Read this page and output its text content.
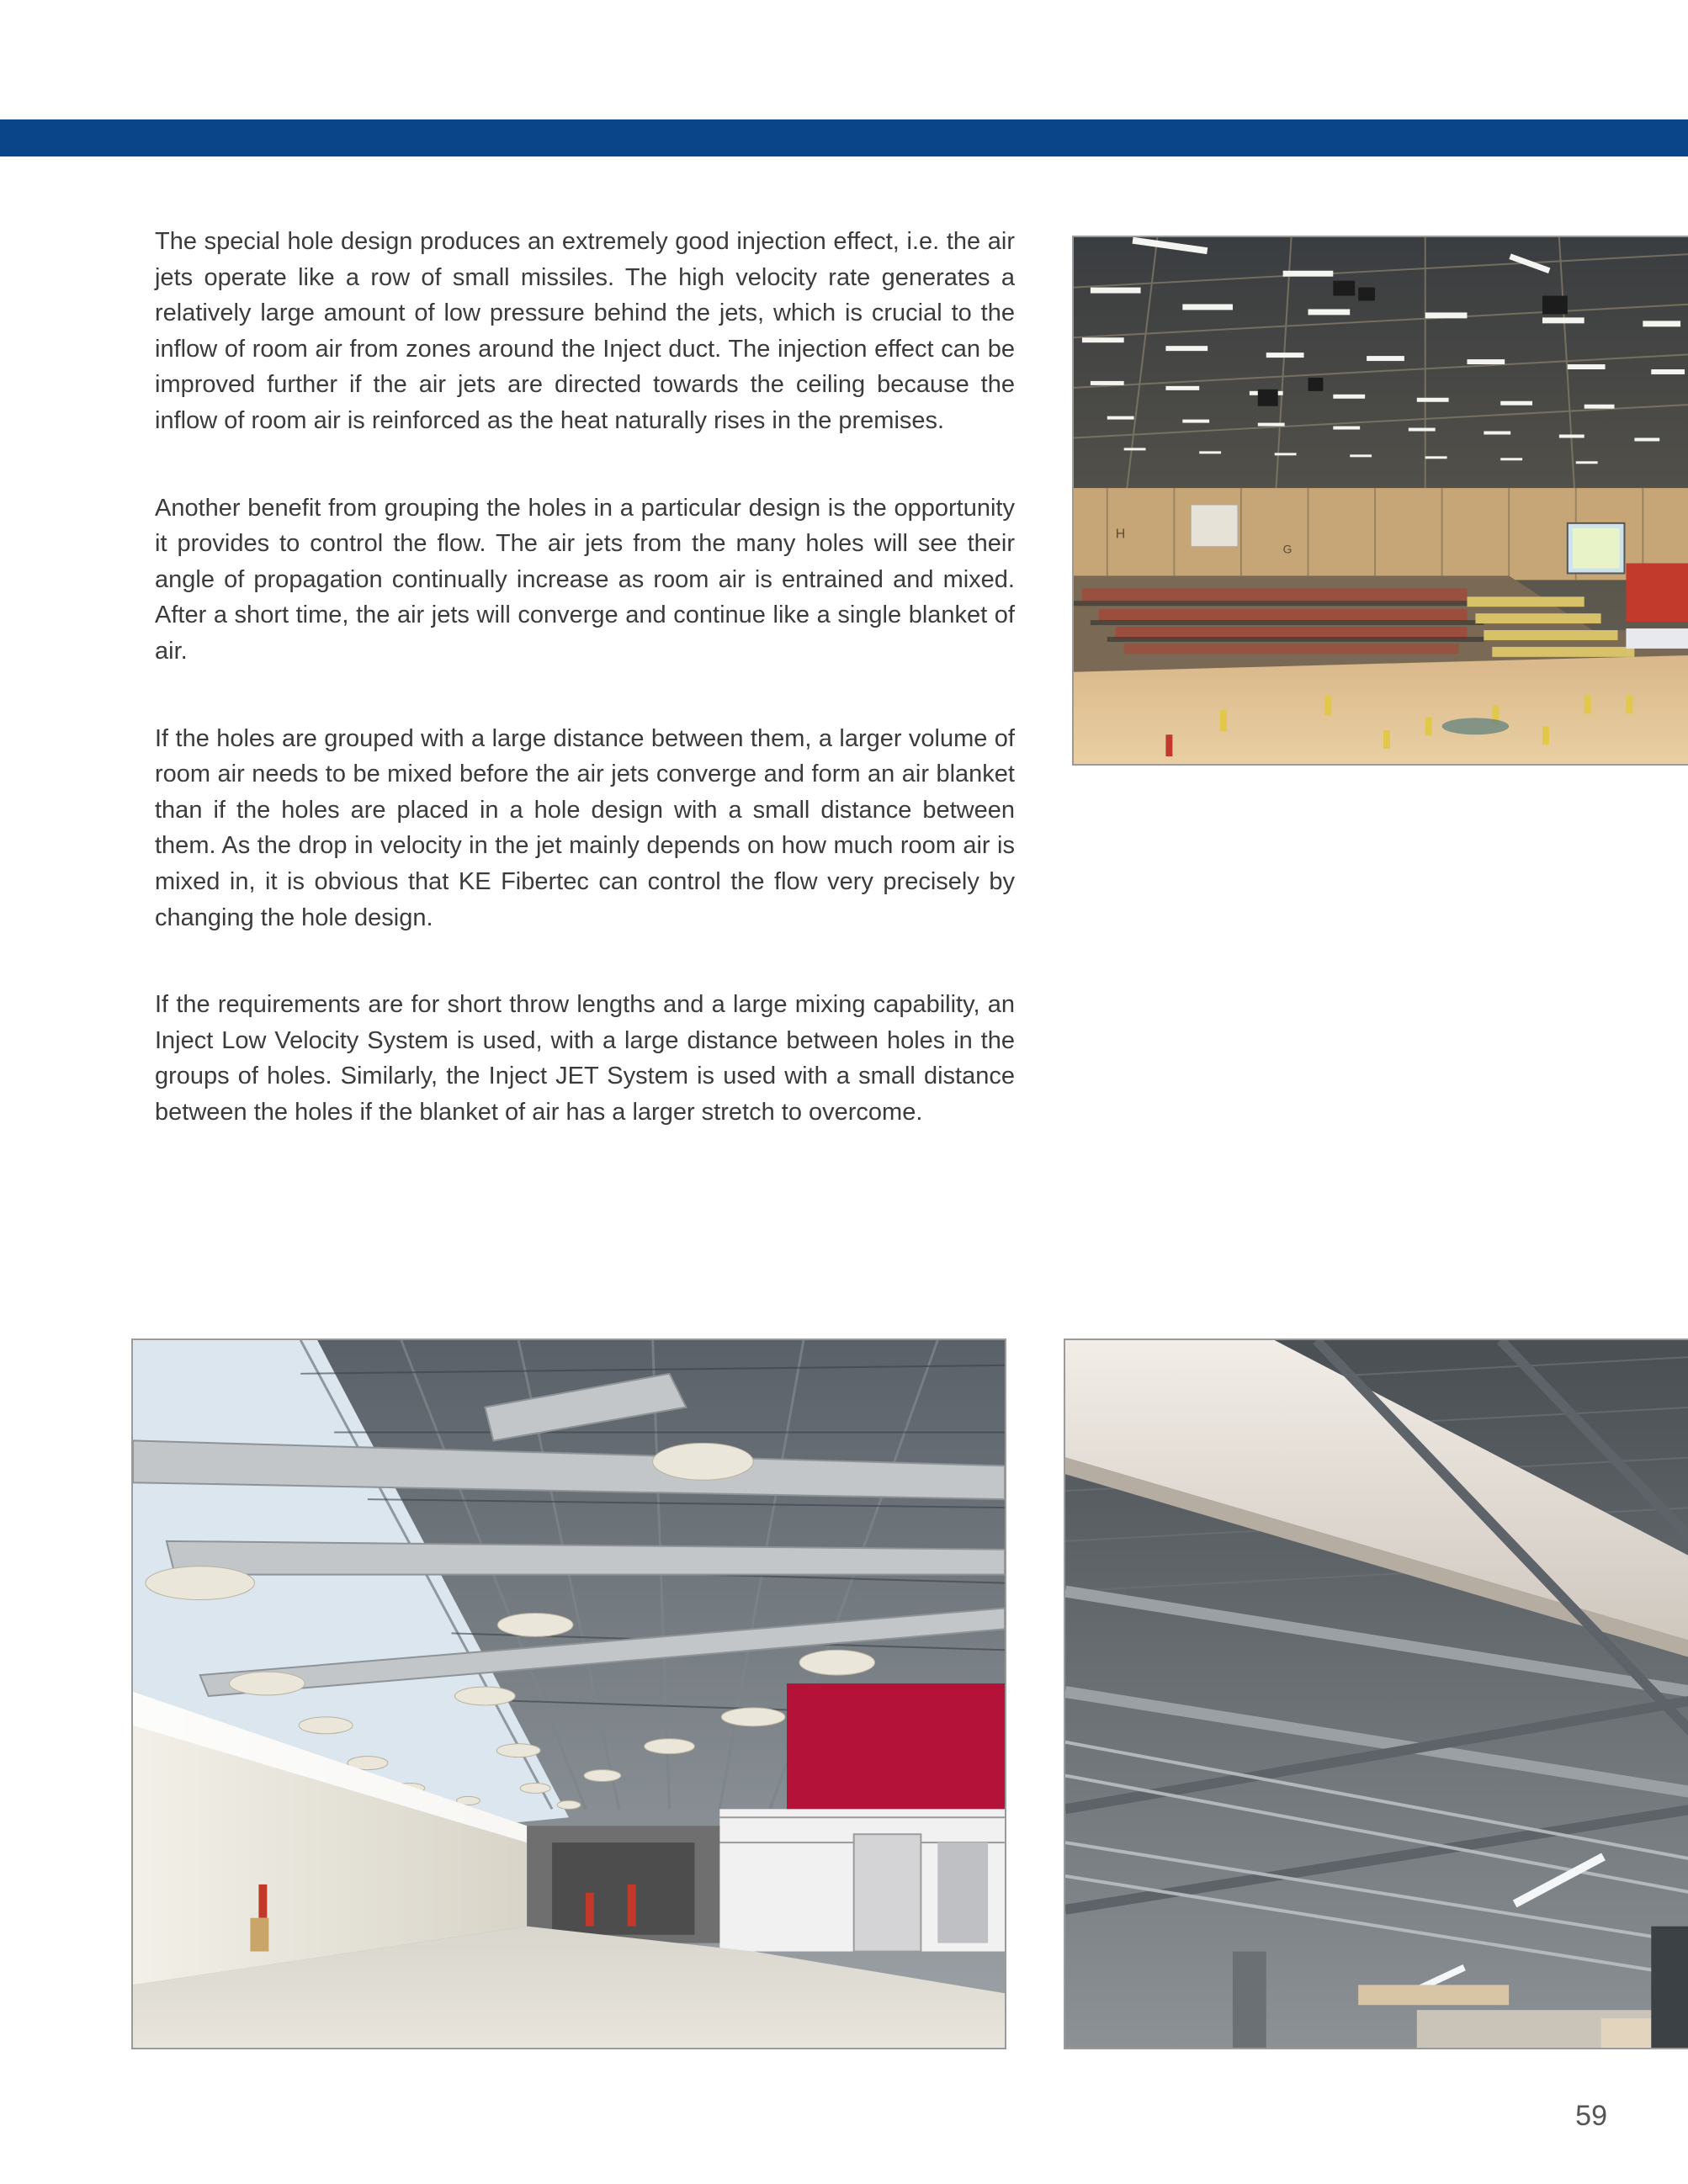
The special hole design produces an extremely good injection effect, i.e. the air jets operate like a row of small missiles. The high velocity rate generates a relatively large amount of low pressure behind the jets, which is crucial to the inflow of room air from zones around the Inject duct. The injection effect can be improved further if the air jets are directed towards the ceiling because the inflow of room air is reinforced as the heat naturally rises in the premises.

Another benefit from grouping the holes in a particular design is the opportunity it provides to control the flow. The air jets from the many holes will see their angle of propagation continually increase as room air is entrained and mixed. After a short time, the air jets will converge and continue like a single blanket of air.

If the holes are grouped with a large distance between them, a larger volume of room air needs to be mixed before the air jets converge and form an air blanket than if the holes are placed in a hole design with a small distance between them. As the drop in velocity in the jet mainly depends on how much room air is mixed in, it is obvious that KE Fibertec can control the flow very precisely by changing the hole design.

If the requirements are for short throw lengths and a large mixing capability, an Inject Low Velocity System is used, with a large distance between holes in the groups of holes. Similarly, the Inject JET System is used with a small distance between the holes if the blanket of air has a larger stretch to overcome.

H
G
59
